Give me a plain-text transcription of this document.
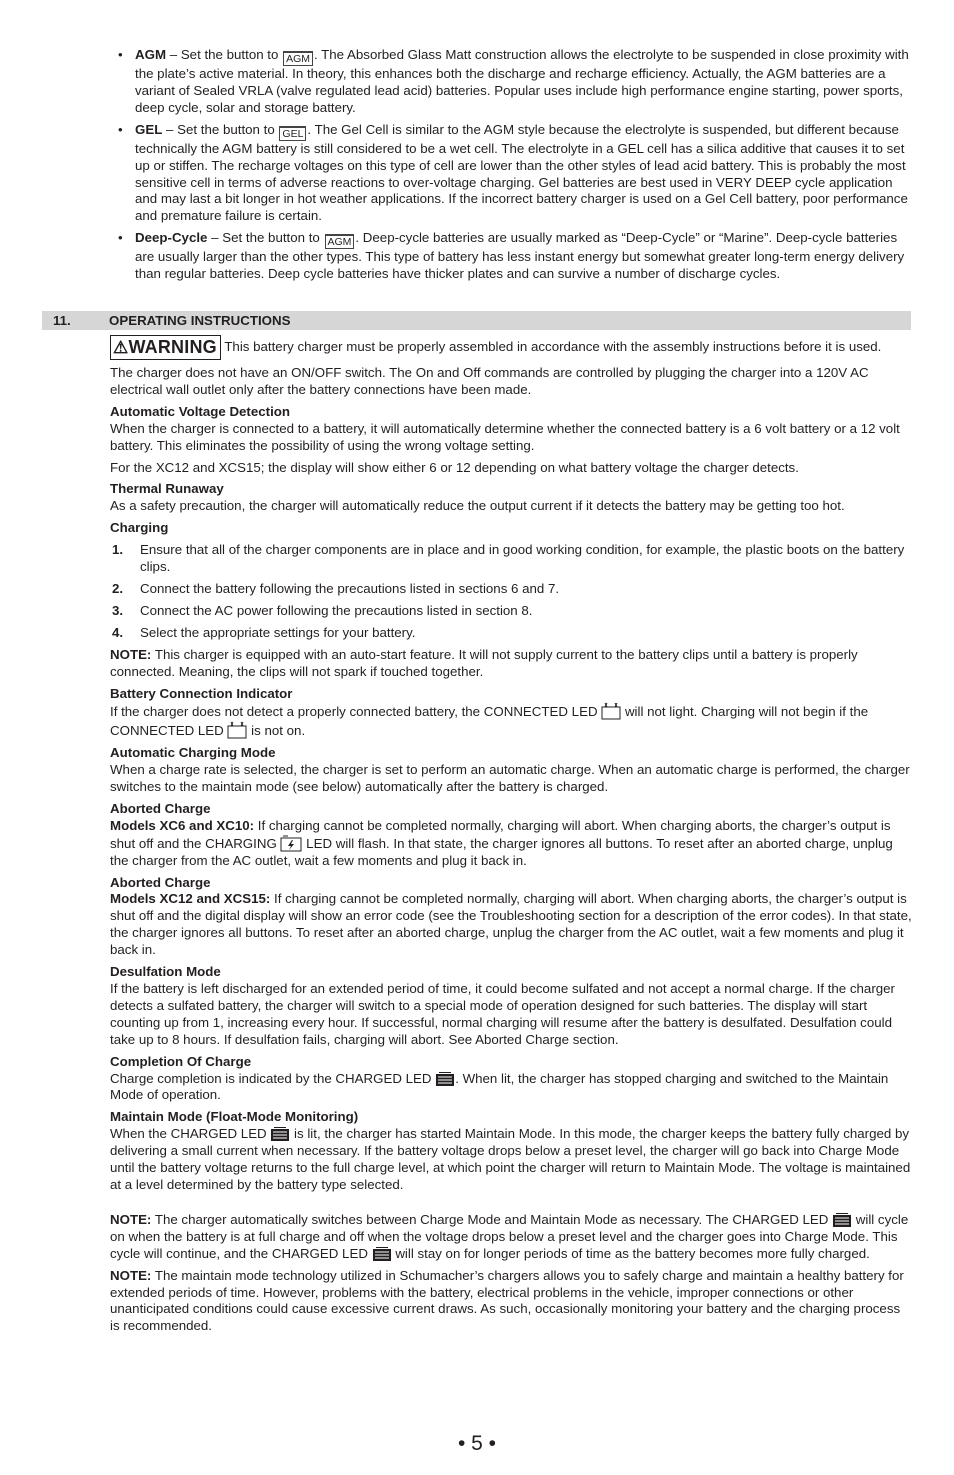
• AGM – Set the button to AGM . The Absorbed Glass Matt construction allows the electrolyte to be suspended in close proximity with the plate’s active material. In theory, this enhances both the discharge and recharge efficiency. Actually, the AGM batteries are a variant of Sealed VRLA (valve regulated lead acid) batteries. Popular uses include high performance engine starting, power sports, deep cycle, solar and storage battery.
• GEL – Set the button to GEL . The Gel Cell is similar to the AGM style because the electrolyte is suspended, but different because technically the AGM battery is still considered to be a wet cell. The electrolyte in a GEL cell has a silica additive that causes it to set up or stiffen. The recharge voltages on this type of cell are lower than the other styles of lead acid battery. This is probably the most sensitive cell in terms of adverse reactions to over-voltage charging. Gel batteries are best used in VERY DEEP cycle application and may last a bit longer in hot weather applications. If the incorrect battery charger is used on a Gel Cell battery, poor performance and premature failure is certain.
• Deep-Cycle – Set the button to AGM . Deep-cycle batteries are usually marked as “Deep-Cycle” or “Marine”. Deep-cycle batteries are usually larger than the other types. This type of battery has less instant energy but somewhat greater long-term energy delivery than regular batteries. Deep cycle batteries have thicker plates and can survive a number of discharge cycles.
11.	OPERATING INSTRUCTIONS

⚠WARNING This battery charger must be properly assembled in accordance with the assembly instructions before it is used.

The charger does not have an ON/OFF switch. The On and Off commands are controlled by plugging the charger into a 120V AC electrical wall outlet only after the battery connections have been made.

Automatic Voltage Detection

When the charger is connected to a battery, it will automatically determine whether the connected battery is a 6 volt battery or a 12 volt battery. This eliminates the possibility of using the wrong voltage setting.

For the XC12 and XCS15; the display will show either 6 or 12 depending on what battery voltage the charger detects.

Thermal Runaway

As a safety precaution, the charger will automatically reduce the output current if it detects the battery may be getting too hot.

Charging
1. Ensure that all of the charger components are in place and in good working condition, for example, the plastic boots on the battery clips.
2. Connect the battery following the precautions listed in sections 6 and 7.
3. Connect the AC power following the precautions listed in section 8.
4. Select the appropriate settings for your battery.

NOTE: This charger is equipped with an auto-start feature. It will not supply current to the battery clips until a battery is properly connected. Meaning, the clips will not spark if touched together.

Battery Connection Indicator

If the charger does not detect a properly connected battery, the CONNECTED LED
will not light. Charging will not begin if the CONNECTED LED
is not on.

Automatic Charging Mode

When a charge rate is selected, the charger is set to perform an automatic charge. When an automatic charge is performed, the charger switches to the maintain mode (see below) automatically after the battery is charged.

Aborted Charge

Models XC6 and XC10: If charging cannot be completed normally, charging will abort. When charging aborts, the charger’s output is shut off and the CHARGING
LED will flash. In that state, the charger ignores all buttons. To reset after an aborted charge, unplug the charger from the AC outlet, wait a few moments and plug it back in.

Aborted Charge

Models XC12 and XCS15: If charging cannot be completed normally, charging will abort. When charging aborts, the charger’s output is shut off and the digital display will show an error code (see the Troubleshooting section for a description of the error codes). In that state, the charger ignores all buttons. To reset after an aborted charge, unplug the charger from the AC outlet, wait a few moments and plug it back in.

Desulfation Mode

If the battery is left discharged for an extended period of time, it could become sulfated and not accept a normal charge. If the charger detects a sulfated battery, the charger will switch to a special mode of operation designed for such batteries. The display will start counting up from 1, increasing every hour. If successful, normal charging will resume after the battery is desulfated. Desulfation could take up to 8 hours. If desulfation fails, charging will abort. See Aborted Charge section.

Completion Of Charge

Charge completion is indicated by the CHARGED LED
. When lit, the charger has stopped charging and switched to the Maintain Mode of operation.

Maintain Mode (Float-Mode Monitoring)

When the CHARGED LED
is lit, the charger has started Maintain Mode. In this mode, the charger keeps the battery fully charged by delivering a small current when necessary. If the battery voltage drops below a preset level, the charger will go back into Charge Mode until the battery voltage returns to the full charge level, at which point the charger will return to Maintain Mode. The voltage is maintained at a level determined by the battery type selected.

NOTE: The charger automatically switches between Charge Mode and Maintain Mode as necessary. The CHARGED LED
will cycle on when the battery is at full charge and off when the voltage drops below a preset level and the charger goes into Charge Mode. This cycle will continue, and the CHARGED LED
will stay on for longer periods of time as the battery becomes more fully charged.

NOTE: The maintain mode technology utilized in Schumacher’s chargers allows you to safely charge and maintain a healthy battery for extended periods of time. However, problems with the battery, electrical problems in the vehicle, improper connections or other unanticipated conditions could cause excessive current draws. As such, occasionally monitoring your battery and the charging process is recommended.

• 5 •
